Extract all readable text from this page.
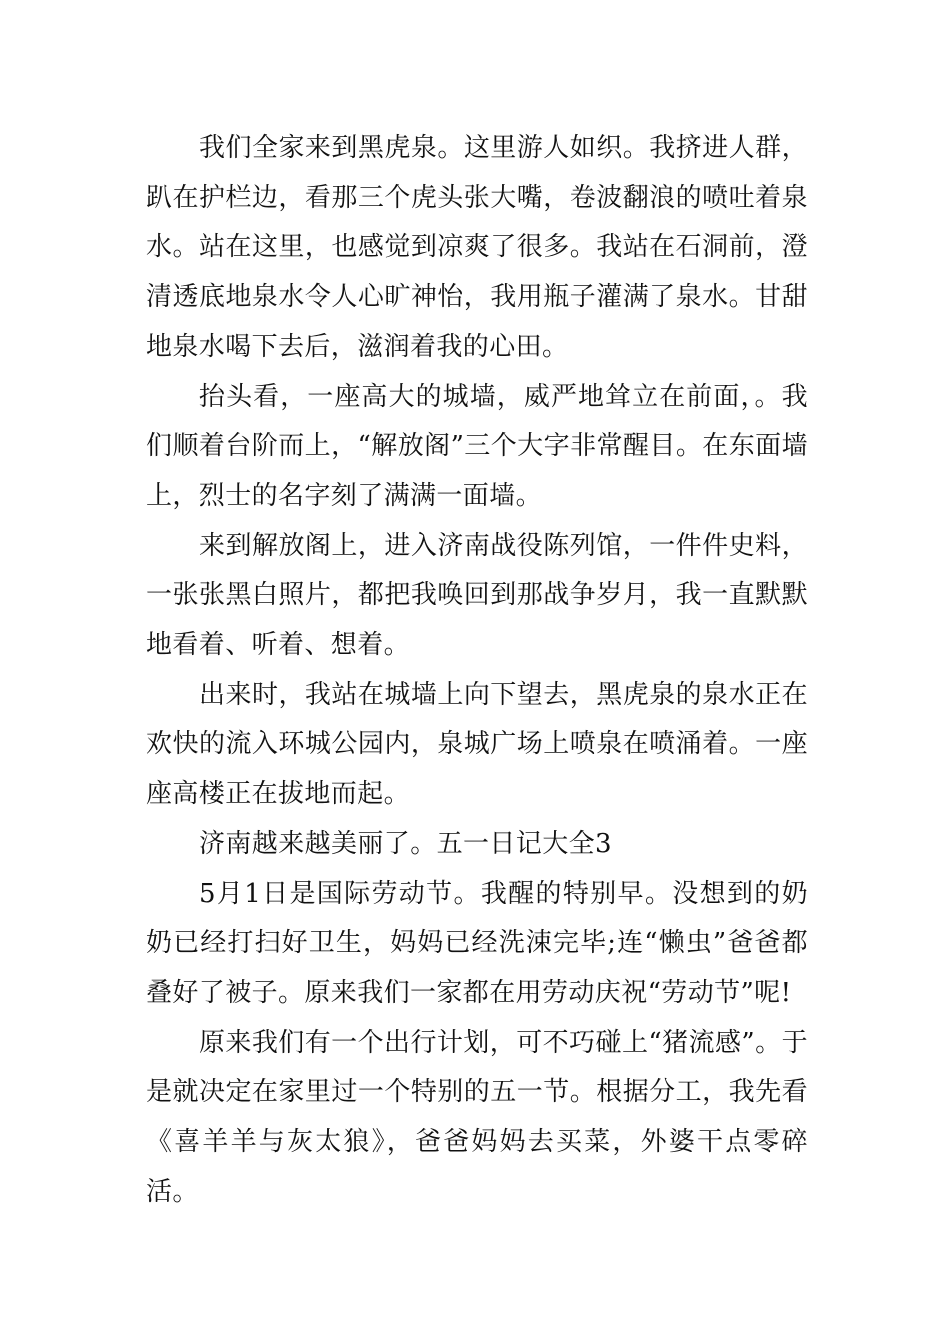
我们全家来到黑虎泉。这里游人如织。我挤进人群，趴在护栏边，看那三个虎头张大嘴，卷波翻浪的喷吐着泉水。站在这里，也感觉到凉爽了很多。我站在石洞前，澄清透底地泉水令人心旷神怡，我用瓶子灌满了泉水。甘甜地泉水喝下去后，滋润着我的心田。

抬头看，一座高大的城墙，威严地耸立在前面，。我们顺着台阶而上，“解放阁”三个大字非常醒目。在东面墙上，烈士的名字刻了满满一面墙。

来到解放阁上，进入济南战役陈列馆，一件件史料，一张张黑白照片，都把我唤回到那战争岁月，我一直默默地看着、听着、想着。

出来时，我站在城墙上向下望去，黑虎泉的泉水正在欢快的流入环城公园内，泉城广场上喷泉在喷涌着。一座座高楼正在拔地而起。

济南越来越美丽了。五一日记大全3

5月1日是国际劳动节。我醒的特别早。没想到的奶奶已经打扫好卫生，妈妈已经洗涑完毕;连“懒虫”爸爸都叠好了被子。原来我们一家都在用劳动庆祝“劳动节”呢!

原来我们有一个出行计划，可不巧碰上“猪流感”。于是就决定在家里过一个特别的五一节。根据分工，我先看《喜羊羊与灰太狼》，爸爸妈妈去买菜，外婆干点零碎活。
